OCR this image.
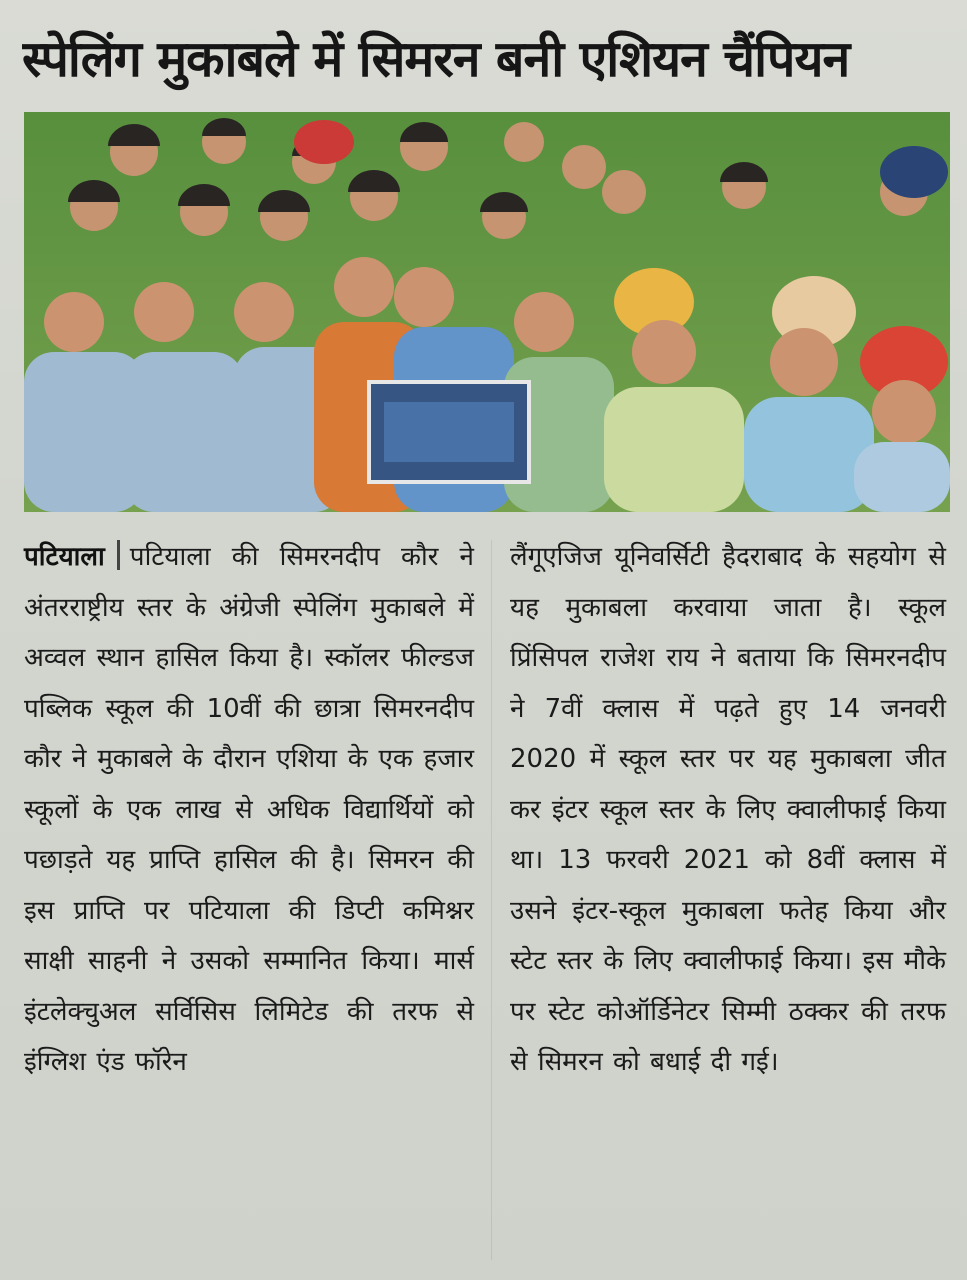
स्पेलिंग मुकाबले में सिमरन बनी एशियन चैंपियन

पटियाला पटियाला की सिमरनदीप कौर ने अंतरराष्ट्रीय स्तर के अंग्रेजी स्पेलिंग मुकाबले में अव्वल स्थान हासिल किया है। स्कॉलर फील्डज पब्लिक स्कूल की 10वीं की छात्रा सिमरनदीप कौर ने मुकाबले के दौरान एशिया के एक हजार स्कूलों के एक लाख से अधिक विद्यार्थियों को पछाड़ते यह प्राप्ति हासिल की है। सिमरन की इस प्राप्ति पर पटियाला की डिप्टी कमिश्नर साक्षी साहनी ने उसको सम्मानित किया। मार्स इंटलेक्चुअल सर्विसिस लिमिटेड की तरफ से इंग्लिश एंड फॉरेन

लैंगूएजिज यूनिवर्सिटी हैदराबाद के सहयोग से यह मुकाबला करवाया जाता है। स्कूल प्रिंसिपल राजेश राय ने बताया कि सिमरनदीप ने 7वीं क्लास में पढ़ते हुए 14 जनवरी 2020 में स्कूल स्तर पर यह मुकाबला जीत कर इंटर स्कूल स्तर के लिए क्वालीफाई किया था। 13 फरवरी 2021 को 8वीं क्लास में उसने इंटर-स्कूल मुकाबला फतेह किया और स्टेट स्तर के लिए क्वालीफाई किया। इस मौके पर स्टेट कोऑर्डिनेटर सिम्मी ठक्कर की तरफ से सिमरन को बधाई दी गई।
